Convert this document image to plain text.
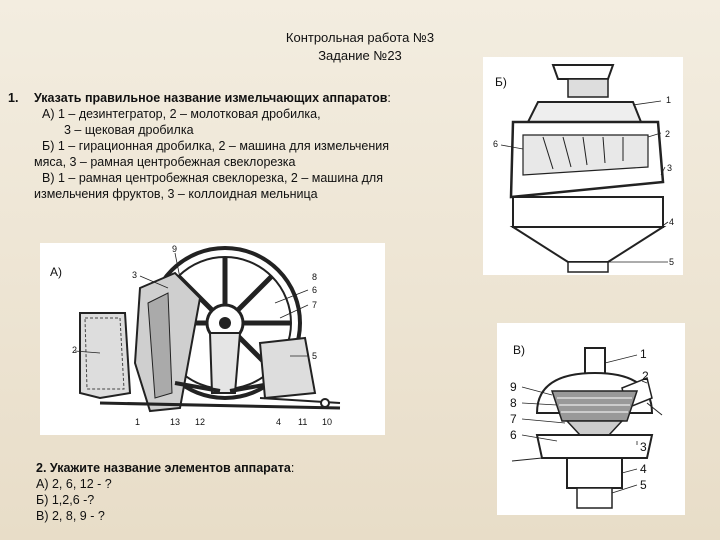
Контрольная работа №3
Задание №23
1. Указать правильное название измельчающих аппаратов:
А) 1 – дезинтегратор, 2 – молотковая дробилка,
3 – щековая дробилка
Б) 1 – гирационная дробилка, 2 – машина для измельчения
мяса, 3 – рамная центробежная свеклорезка
В) 1 – рамная центробежная свеклорезка, 2 – машина для
измельчения фруктов, 3 – коллоидная мельница
А)
9
3	8
6
7
2
5
1	13 12	4 11 10
Б)
1
2
3
6
4
5
В)	1
2
9
8
7
6
3
4
5
2. Укажите название элементов аппарата:
А) 2, 6, 12 - ?
Б) 1,2,6 -?
В) 2, 8, 9 - ?
